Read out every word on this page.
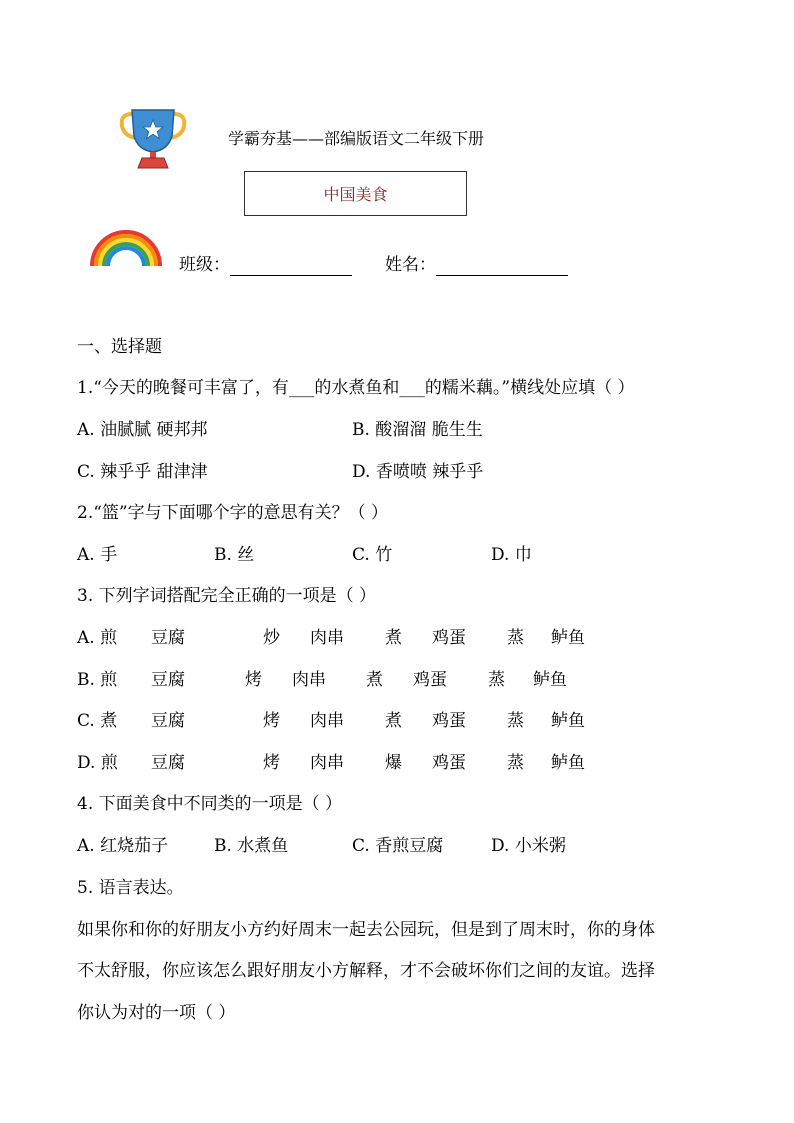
学霸夯基——部编版语文二年级下册
中国美食
班级：	姓名：
一、选择题
1.“今天的晚餐可丰富了，有___的水煮鱼和___的糯米藕。”横线处应填（ ）
A. 油腻腻 硬邦邦	B. 酸溜溜 脆生生
C. 辣乎乎 甜津津	D. 香喷喷 辣乎乎
2.“篮”字与下面哪个字的意思有关？（ ）
A. 手	B. 丝	C. 竹	D. 巾
3. 下列字词搭配完全正确的一项是（ ）
A. 煎 豆腐	炒 肉串 煮 鸡蛋 蒸 鲈鱼
B. 煎 豆腐	烤 肉串 煮 鸡蛋 蒸 鲈鱼
C. 煮 豆腐	烤 肉串 煮 鸡蛋 蒸 鲈鱼
D. 煎 豆腐	烤 肉串 爆 鸡蛋 蒸 鲈鱼
4. 下面美食中不同类的一项是（ ）
A. 红烧茄子	B. 水煮鱼	C. 香煎豆腐	D. 小米粥
5. 语言表达。
如果你和你的好朋友小方约好周末一起去公园玩，但是到了周末时，你的身体
不太舒服，你应该怎么跟好朋友小方解释，才不会破坏你们之间的友谊。选择
你认为对的一项（ ）
